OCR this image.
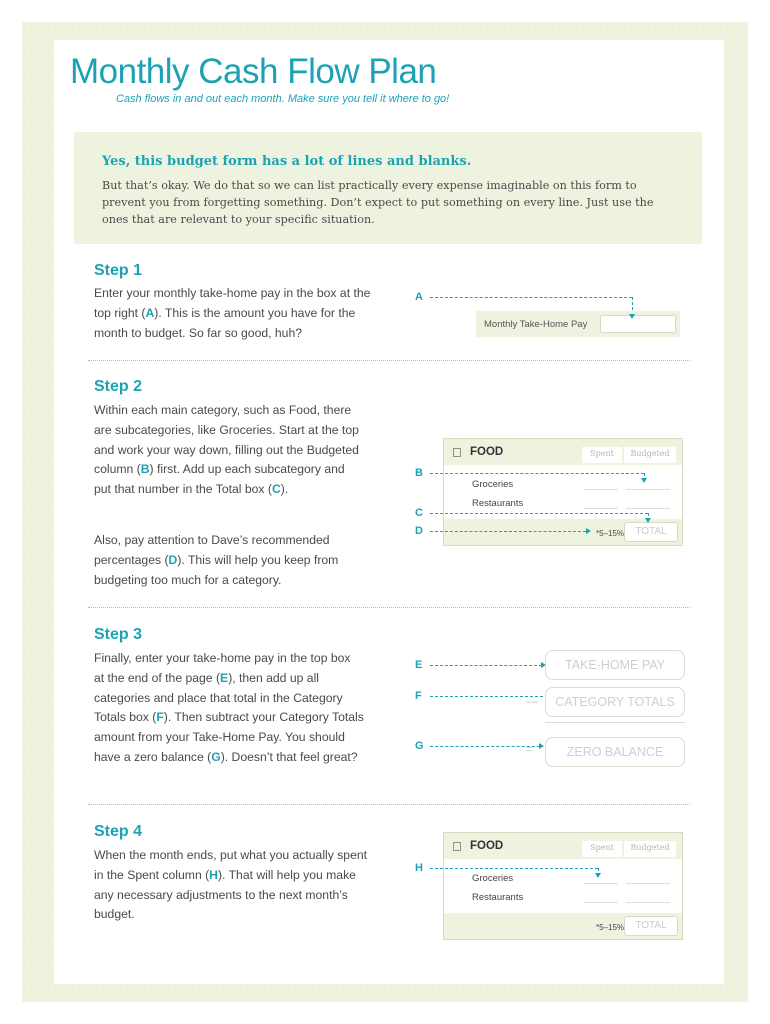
Monthly Cash Flow Plan
Cash flows in and out each month. Make sure you tell it where to go!
Yes, this budget form has a lot of lines and blanks.

But that’s okay. We do that so we can list practically every expense imaginable on this form to prevent you from forgetting something. Don’t expect to put something on every line. Just use the ones that are relevant to your specific situation.

Step 1
Enter your monthly take-home pay in the box at the top right (A). This is the amount you have for the month to budget. So far so good, huh?
A
Monthly Take-Home Pay
Step 2
Within each main category, such as Food, there are subcategories, like Groceries. Start at the top and work your way down, filling out the Budgeted column (B) first. Add up each subcategory and put that number in the Total box (C).
Also, pay attention to Dave’s recommended percentages (D). This will help you keep from budgeting too much for a category.
FOOD	Spent	Budgeted
Groceries
Restaurants
*5–15%	TOTAL
B
C
D
Step 3
Finally, enter your take-home pay in the top box at the end of the page (E), then add up all categories and place that total in the Category Totals box (F). Then subtract your Category Totals amount from your Take-Home Pay. You should have a zero balance (G). Doesn’t that feel great?
E	TAKE-HOME PAY
F	—	CATEGORY TOTALS
G	=	ZERO BALANCE
Step 4
When the month ends, put what you actually spent in the Spent column (H). That will help you make any necessary adjustments to the next month’s budget.
FOOD	Spent	Budgeted
Groceries
Restaurants
*5–15%	TOTAL
H
